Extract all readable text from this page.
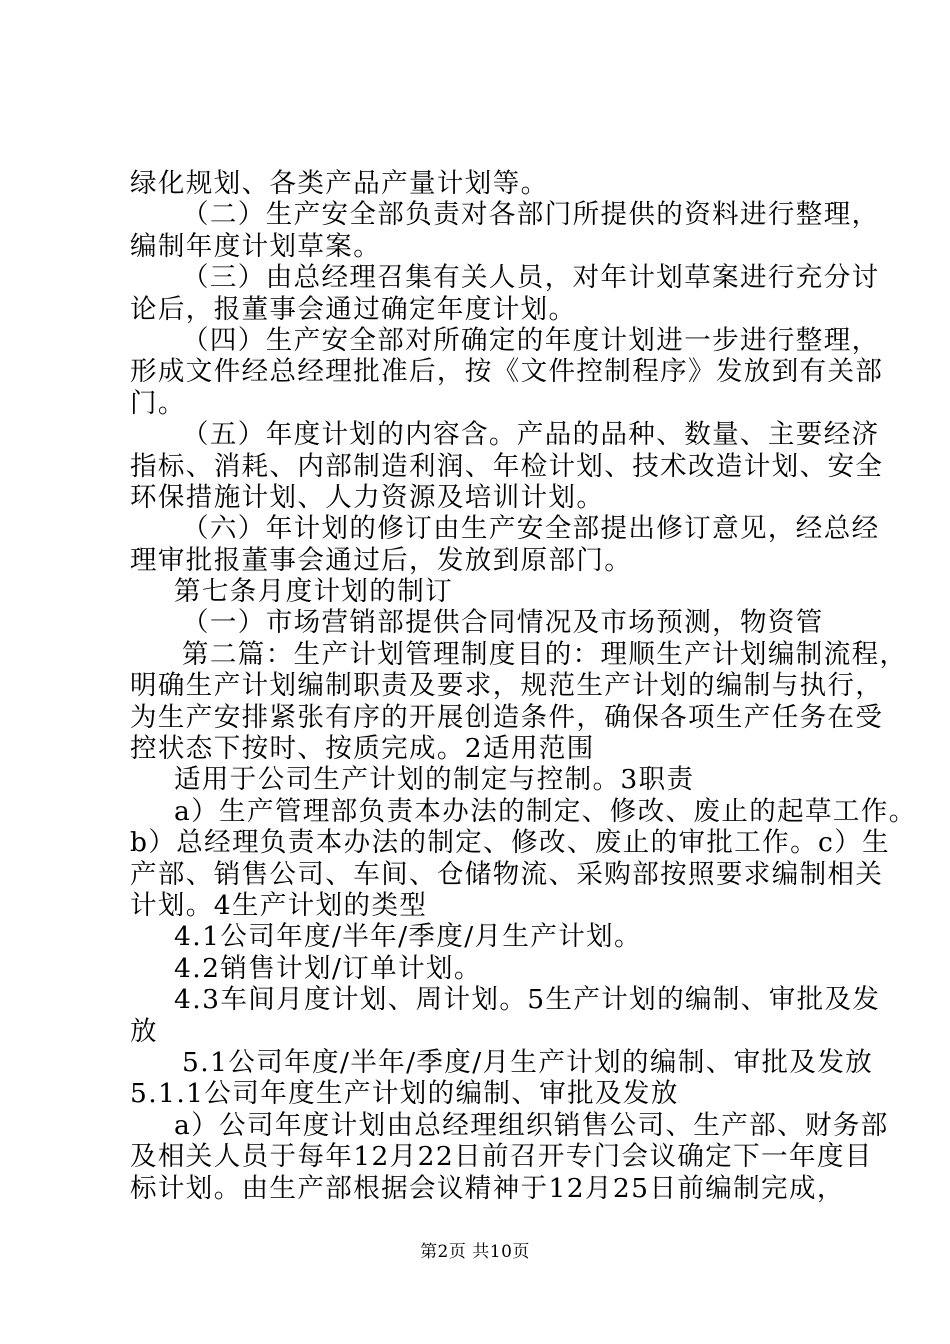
绿化规划、各类产品产量计划等。
（二）生产安全部负责对各部门所提供的资料进行整理，
编制年度计划草案。
（三）由总经理召集有关人员，对年计划草案进行充分讨
论后，报董事会通过确定年度计划。
（四）生产安全部对所确定的年度计划进一步进行整理，
形成文件经总经理批准后，按《文件控制程序》发放到有关部
门。
（五）年度计划的内容含。产品的品种、数量、主要经济
指标、消耗、内部制造利润、年检计划、技术改造计划、安全
环保措施计划、人力资源及培训计划。
（六）年计划的修订由生产安全部提出修订意见，经总经
理审批报董事会通过后，发放到原部门。
第七条月度计划的制订
（一）市场营销部提供合同情况及市场预测，物资管
第二篇：生产计划管理制度目的：理顺生产计划编制流程，
明确生产计划编制职责及要求，规范生产计划的编制与执行，
为生产安排紧张有序的开展创造条件，确保各项生产任务在受
控状态下按时、按质完成。2适用范围
适用于公司生产计划的制定与控制。3职责
a）生产管理部负责本办法的制定、修改、废止的起草工作。
b）总经理负责本办法的制定、修改、废止的审批工作。c）生
产部、销售公司、车间、仓储物流、采购部按照要求编制相关
计划。4生产计划的类型
4.1公司年度/半年/季度/月生产计划。
4.2销售计划/订单计划。
4.3车间月度计划、周计划。5生产计划的编制、审批及发
放
5.1公司年度/半年/季度/月生产计划的编制、审批及发放
5.1.1公司年度生产计划的编制、审批及发放
a）公司年度计划由总经理组织销售公司、生产部、财务部
及相关人员于每年12月22日前召开专门会议确定下一年度目
标计划。由生产部根据会议精神于12月25日前编制完成，
第2页 共10页
